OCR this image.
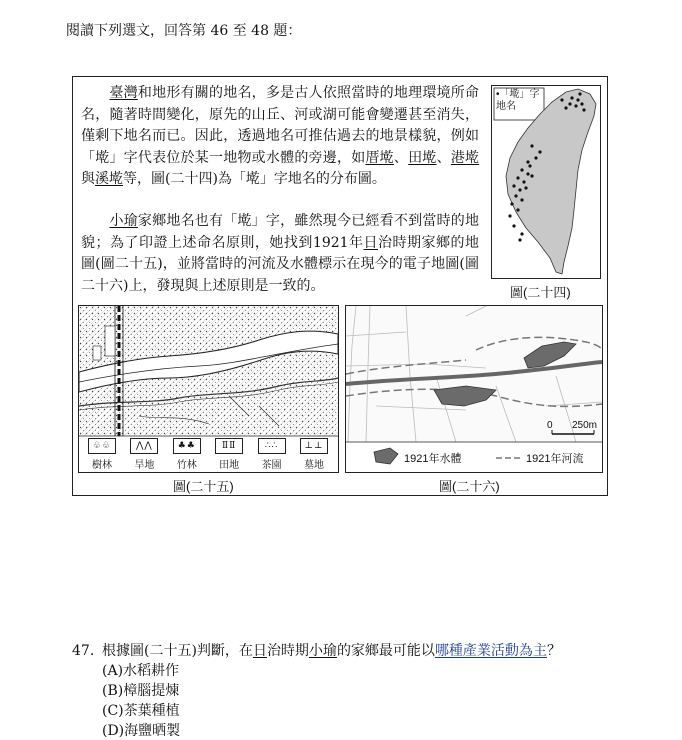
閱讀下列選文，回答第 46 至 48 題：

　　臺灣和地形有關的地名，多是古人依照當時的地理環境所命名，隨著時間變化，原先的山丘、河或湖可能會變遷甚至消失，僅剩下地名而已。因此，透過地名可推估過去的地景樣貌，例如「墘」字代表位於某一地物或水體的旁邊，如厝墘、田墘、港墘與溪墘等，圖(二十四)為「墘」字地名的分布圖。

　　小瑜家鄉地名也有「墘」字，雖然現今已經看不到當時的地貌；為了印證上述命名原則，她找到1921年日治時期家鄉的地圖(圖二十五)，並將當時的河流及水體標示在現今的電子地圖(圖二十六)上，發現與上述原則是一致的。

•「墘」字
地名
圖(二十四)
♧♧
樹林
⋀⋀
旱地
♣♣
竹林
ⅡⅡ
田地
∴∴
茶園
⊥⊥
墓地
圖(二十五)
0 250m
1921年水體	1921年河流
圖(二十六)
47. 根據圖(二十五)判斷，在日治時期小瑜的家鄉最可能以哪種產業活動為主？
(A)水稻耕作
(B)樟腦提煉
(C)茶葉種植
(D)海鹽晒製
